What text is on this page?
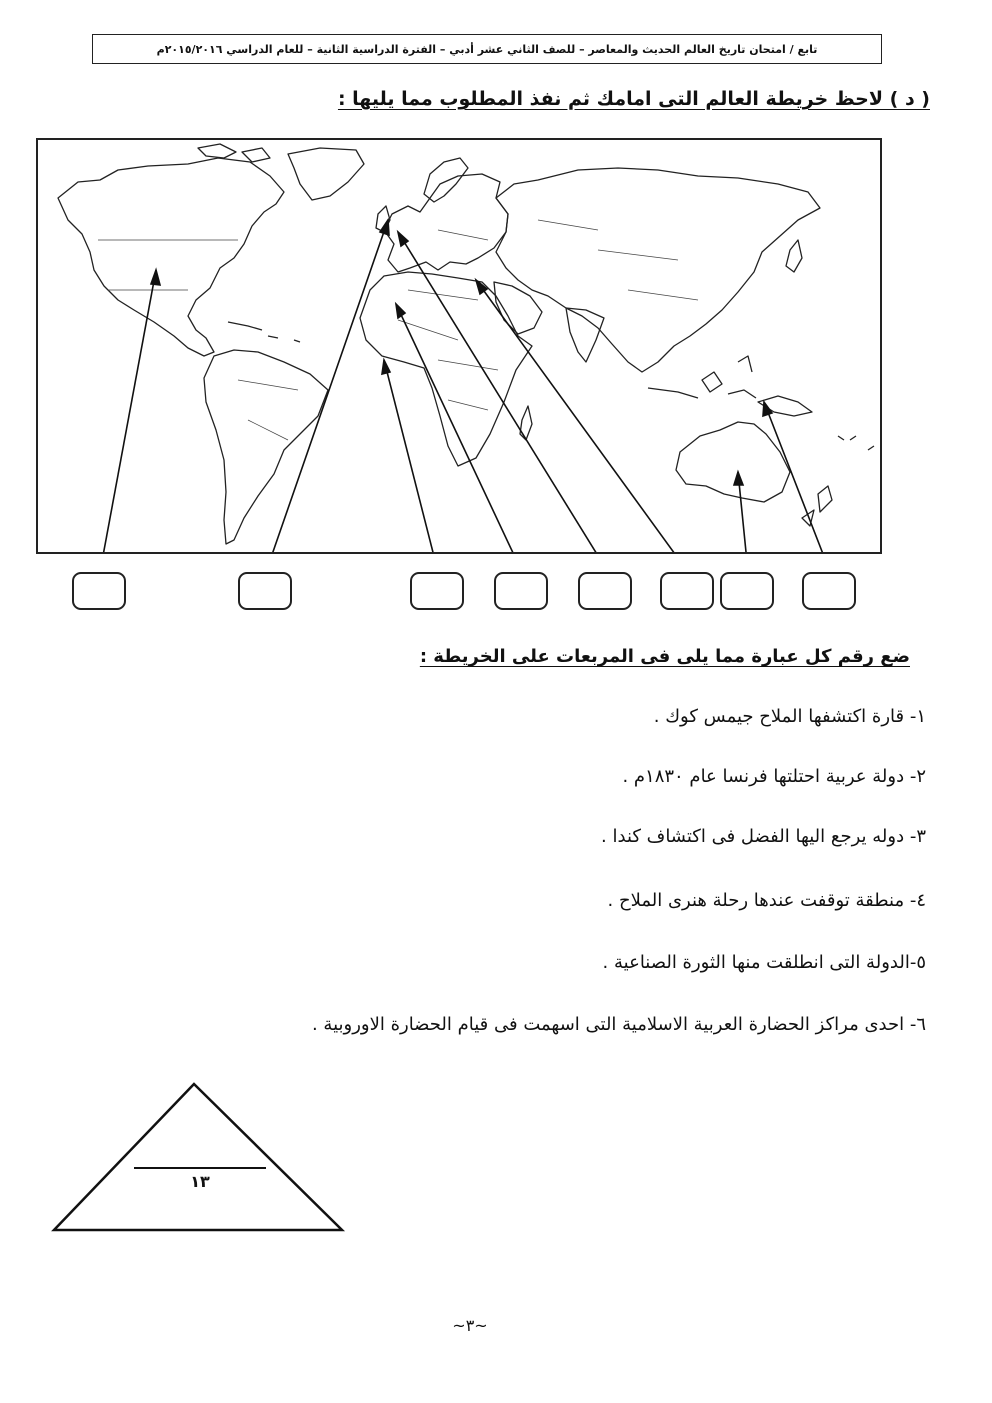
تابع / امتحان تاريخ العالم الحديث والمعاصر – للصف الثاني عشر أدبي – الفترة الدراسية الثانية – للعام الدراسي ٢٠١٥/٢٠١٦م
( د ) لاحظ خريطة العالم التى امامك ثم نفذ المطلوب مما يليها :
ضع رقم كل عبارة مما يلى فى المربعات على الخريطة :
١- قارة اكتشفها الملاح جيمس كوك .
٢- دولة عربية احتلتها فرنسا عام ١٨٣٠م .
٣- دوله يرجع اليها الفضل فى اكتشاف كندا .
٤- منطقة توقفت عندها رحلة هنرى الملاح .
٥-الدولة التى انطلقت منها الثورة الصناعية .
٦- احدى مراكز الحضارة العربية الاسلامية التى اسهمت فى قيام الحضارة الاوروبية .
١٣
~٣~
